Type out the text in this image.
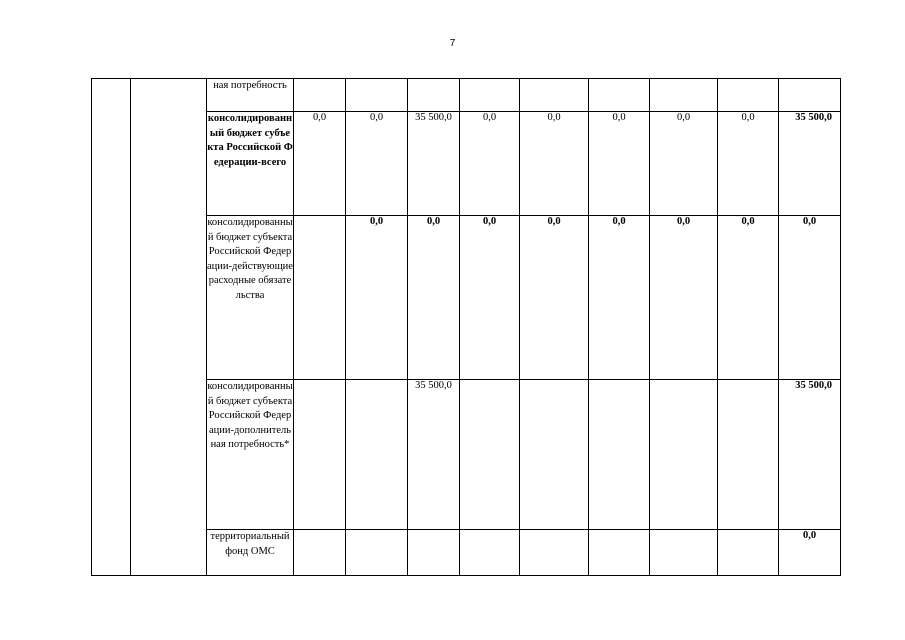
7
		ная потребность									
		консолидированный бюджет субъекта Российской Федерации-всего	0,0	0,0	35 500,0	0,0	0,0	0,0	0,0	0,0	35 500,0
		консолидированный бюджет субъекта Российской Федерации-действующие расходные обязательства		0,0	0,0	0,0	0,0	0,0	0,0	0,0	0,0
		консолидированный бюджет субъекта Российской Федерации-дополнительная потребность*			35 500,0						35 500,0
		территориальный фонд ОМС									0,0
